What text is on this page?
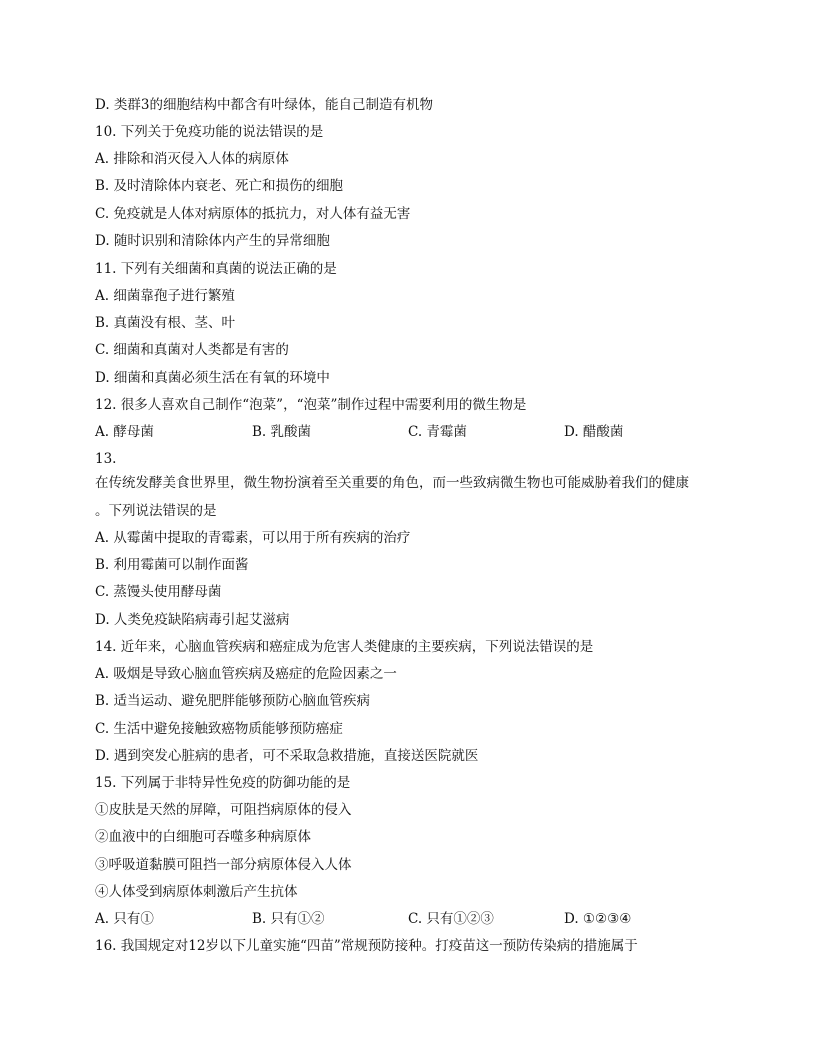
D. 类群3的细胞结构中都含有叶绿体，能自己制造有机物
10. 下列关于免疫功能的说法错误的是
A. 排除和消灭侵入人体的病原体
B. 及时清除体内衰老、死亡和损伤的细胞
C. 免疫就是人体对病原体的抵抗力，对人体有益无害
D. 随时识别和清除体内产生的异常细胞
11. 下列有关细菌和真菌的说法正确的是
A. 细菌靠孢子进行繁殖
B. 真菌没有根、茎、叶
C. 细菌和真菌对人类都是有害的
D. 细菌和真菌必须生活在有氧的环境中
12. 很多人喜欢自己制作“泡菜”，“泡菜”制作过程中需要利用的微生物是
A. 酵母菌	B. 乳酸菌	C. 青霉菌	D. 醋酸菌
13.
在传统发酵美食世界里，微生物扮演着至关重要的角色，而一些致病微生物也可能威胁着我们的健康
。下列说法错误的是
A. 从霉菌中提取的青霉素，可以用于所有疾病的治疗
B. 利用霉菌可以制作面酱
C. 蒸馒头使用酵母菌
D. 人类免疫缺陷病毒引起艾滋病
14. 近年来，心脑血管疾病和癌症成为危害人类健康的主要疾病，下列说法错误的是
A. 吸烟是导致心脑血管疾病及癌症的危险因素之一
B. 适当运动、避免肥胖能够预防心脑血管疾病
C. 生活中避免接触致癌物质能够预防癌症
D. 遇到突发心脏病的患者，可不采取急救措施，直接送医院就医
15. 下列属于非特异性免疫的防御功能的是
①皮肤是天然的屏障，可阻挡病原体的侵入
②血液中的白细胞可吞噬多种病原体
③呼吸道黏膜可阻挡一部分病原体侵入人体
④人体受到病原体刺激后产生抗体
A. 只有①	B. 只有①②	C. 只有①②③	D. ①②③④
16. 我国规定对12岁以下儿童实施“四苗”常规预防接种。打疫苗这一预防传染病的措施属于
